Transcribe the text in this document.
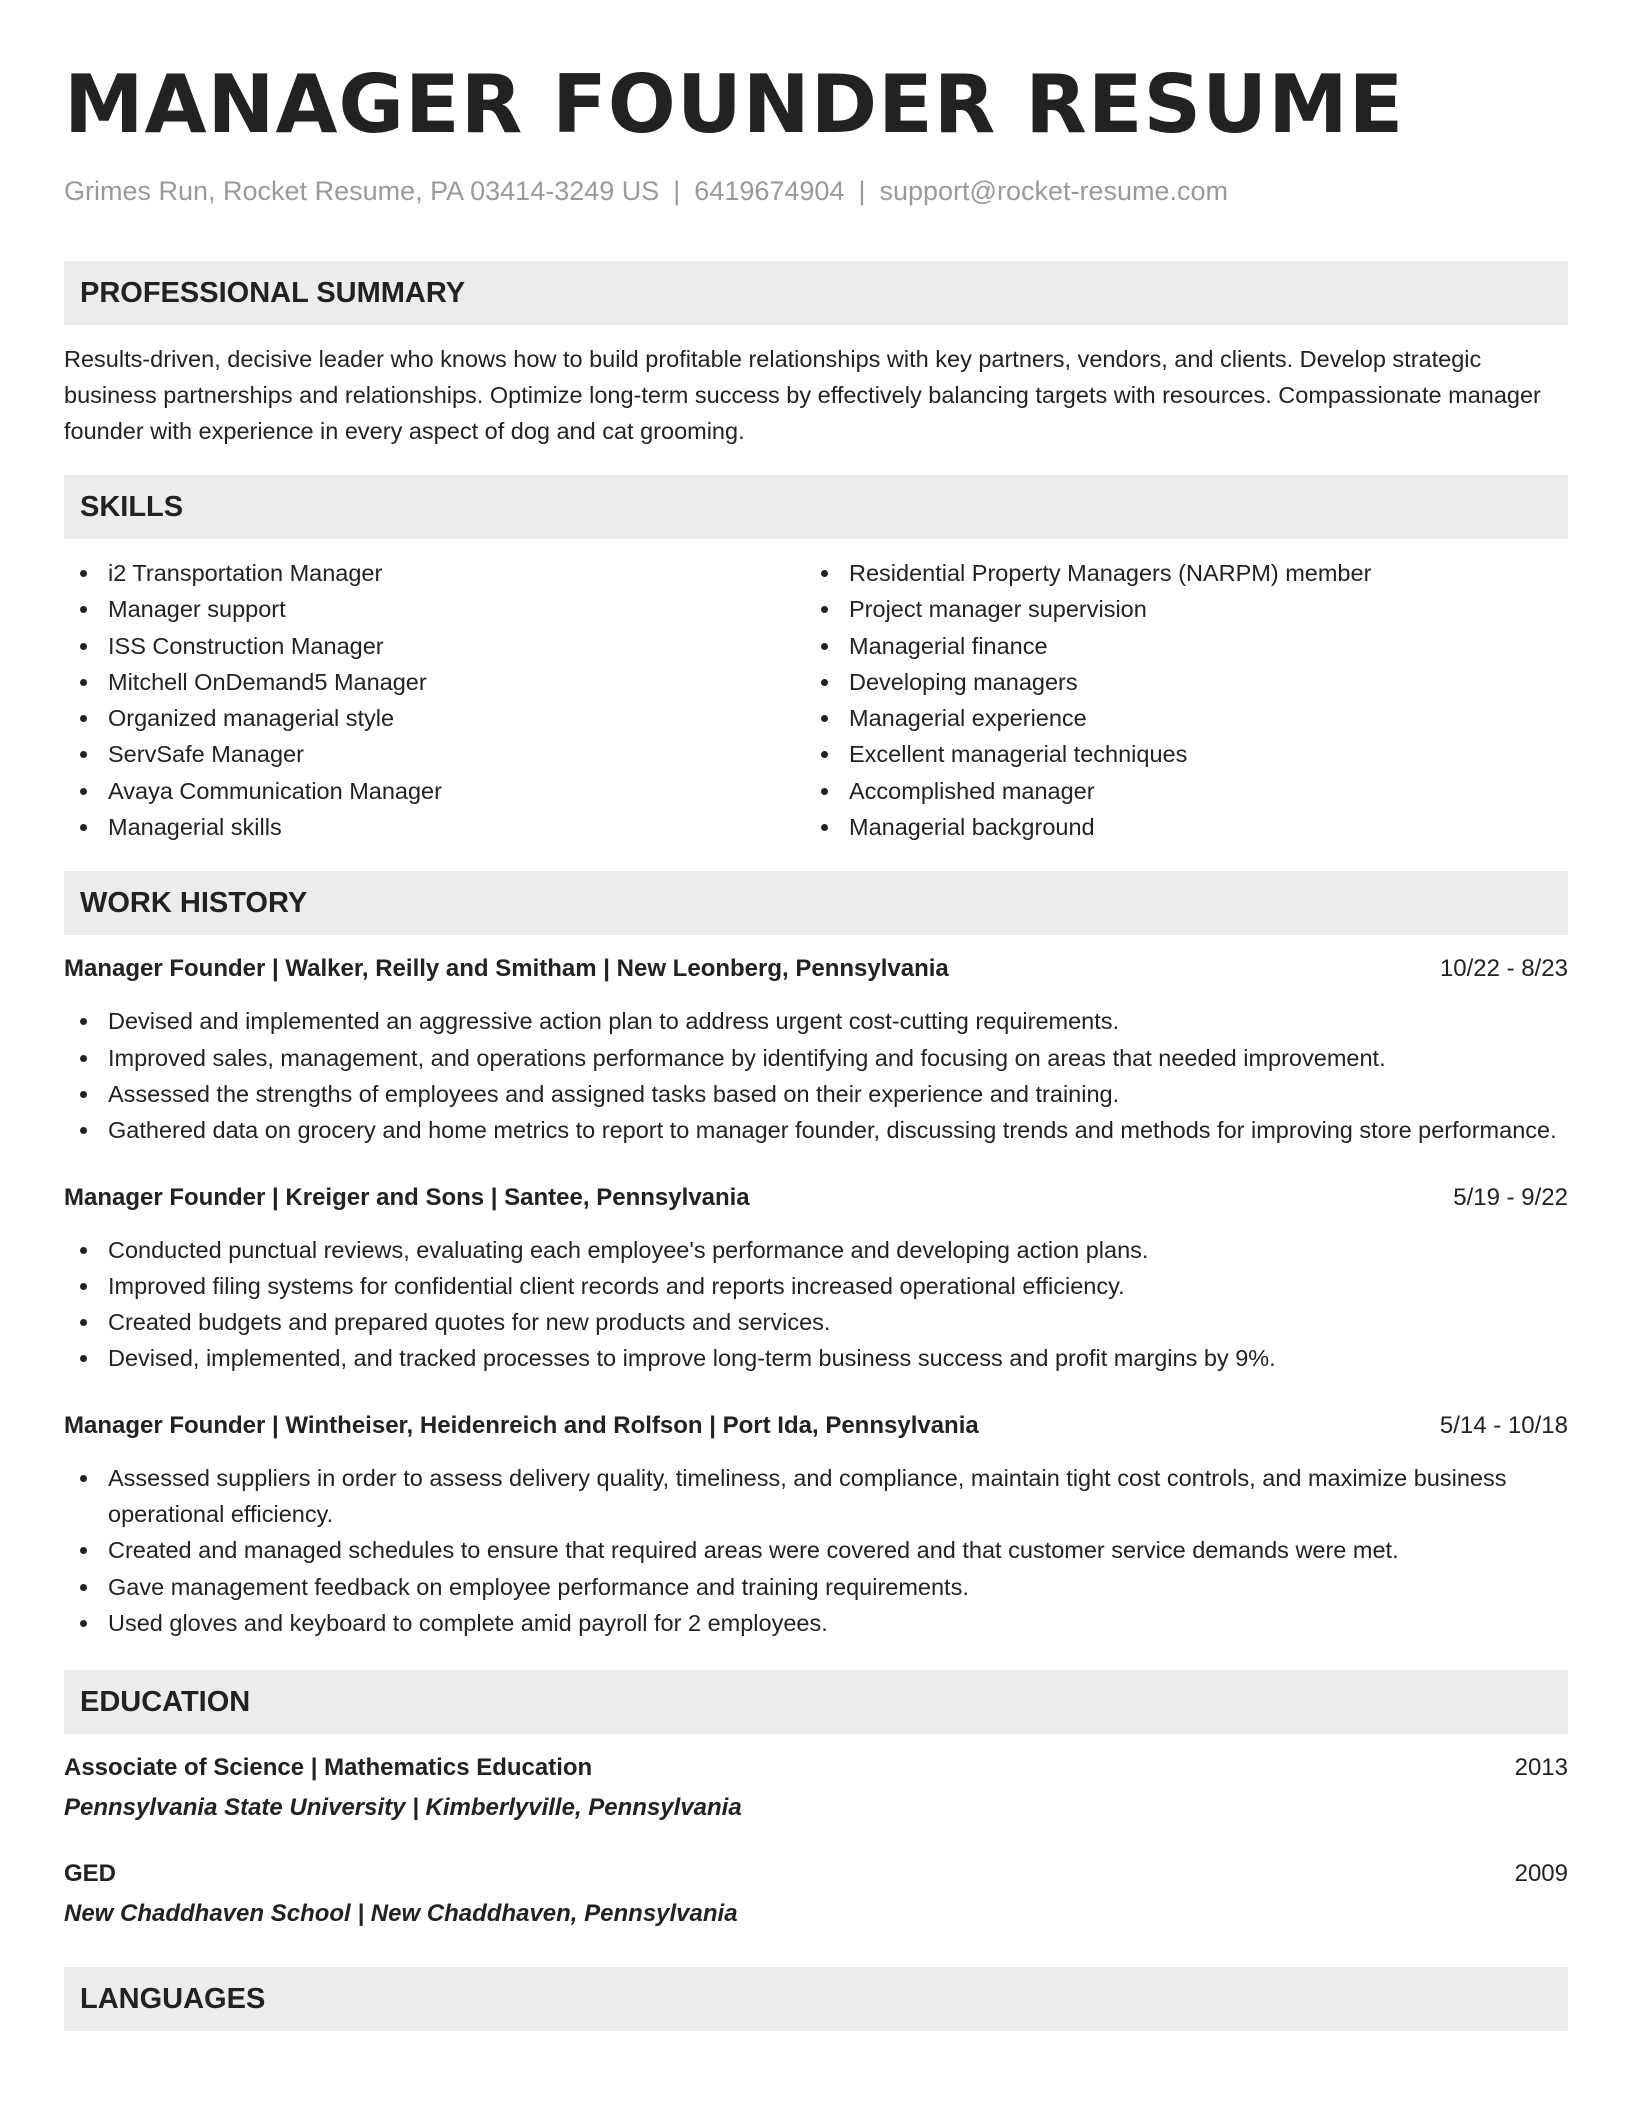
MANAGER FOUNDER RESUME
Grimes Run, Rocket Resume, PA 03414-3249 US | 6419674904 | support@rocket-resume.com
PROFESSIONAL SUMMARY

Results-driven, decisive leader who knows how to build profitable relationships with key partners, vendors, and clients. Develop strategic business partnerships and relationships. Optimize long-term success by effectively balancing targets with resources. Compassionate manager founder with experience in every aspect of dog and cat grooming.

SKILLS
i2 Transportation Manager
Manager support
ISS Construction Manager
Mitchell OnDemand5 Manager
Organized managerial style
ServSafe Manager
Avaya Communication Manager
Managerial skills
Residential Property Managers (NARPM) member
Project manager supervision
Managerial finance
Developing managers
Managerial experience
Excellent managerial techniques
Accomplished manager
Managerial background
WORK HISTORY
Manager Founder | Walker, Reilly and Smitham | New Leonberg, Pennsylvania	10/22 - 8/23
Devised and implemented an aggressive action plan to address urgent cost-cutting requirements.
Improved sales, management, and operations performance by identifying and focusing on areas that needed improvement.
Assessed the strengths of employees and assigned tasks based on their experience and training.
Gathered data on grocery and home metrics to report to manager founder, discussing trends and methods for improving store performance.
Manager Founder | Kreiger and Sons | Santee, Pennsylvania	5/19 - 9/22
Conducted punctual reviews, evaluating each employee's performance and developing action plans.
Improved filing systems for confidential client records and reports increased operational efficiency.
Created budgets and prepared quotes for new products and services.
Devised, implemented, and tracked processes to improve long-term business success and profit margins by 9%.
Manager Founder | Wintheiser, Heidenreich and Rolfson | Port Ida, Pennsylvania	5/14 - 10/18
Assessed suppliers in order to assess delivery quality, timeliness, and compliance, maintain tight cost controls, and maximize business operational efficiency.
Created and managed schedules to ensure that required areas were covered and that customer service demands were met.
Gave management feedback on employee performance and training requirements.
Used gloves and keyboard to complete amid payroll for 2 employees.
EDUCATION
Associate of Science | Mathematics Education	2013
Pennsylvania State University | Kimberlyville, Pennsylvania
GED	2009
New Chaddhaven School | New Chaddhaven, Pennsylvania
LANGUAGES
